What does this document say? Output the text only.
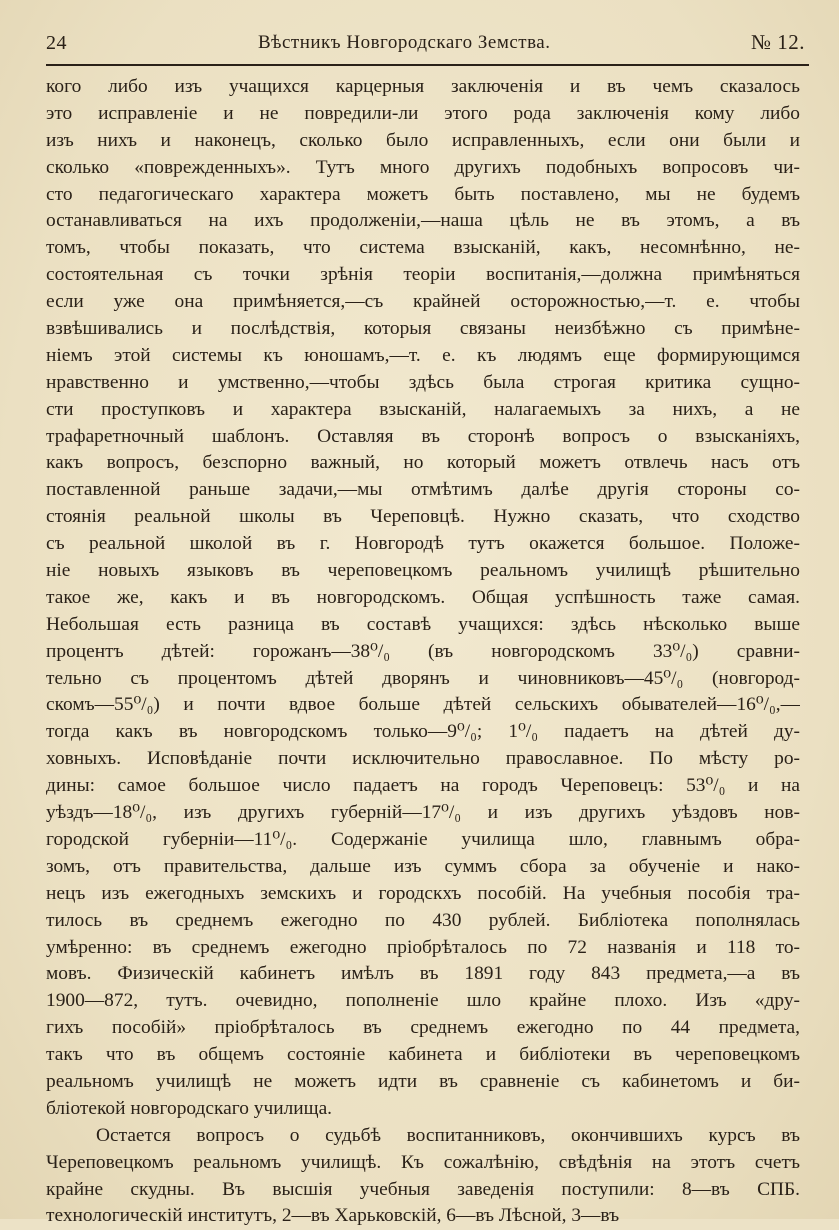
24	Вѣстникъ Новгородскаго Земства.	№ 12.
кого либо изъ учащихся карцерныя заключенія и въ чемъ сказалось
это исправленіе и не повредили-ли этого рода заключенія кому либо
изъ нихъ и наконецъ, сколько было исправленныхъ, если они были и
сколько «поврежденныхъ». Тутъ много другихъ подобныхъ вопросовъ чи-
сто педагогическаго характера можетъ быть поставлено, мы не будемъ
останавливаться на ихъ продолженіи,—наша цѣль не въ этомъ, а въ
томъ, чтобы показать, что система взысканій, какъ, несомнѣнно, не-
состоятельная съ точки зрѣнія теоріи воспитанія,—должна примѣняться
если уже она примѣняется,—съ крайней осторожностью,—т. е. чтобы
взвѣшивались и послѣдствія, которыя связаны неизбѣжно съ примѣне-
ніемъ этой системы къ юношамъ,—т. е. къ людямъ еще формирующимся
нравственно и умственно,—чтобы здѣсь была строгая критика сущно-
сти проступковъ и характера взысканій, налагаемыхъ за нихъ, а не
трафаретночный шаблонъ. Оставляя въ сторонѣ вопросъ о взысканіяхъ,
какъ вопросъ, безспорно важный, но который можетъ отвлечь насъ отъ
поставленной раньше задачи,—мы отмѣтимъ далѣе другія стороны со-
стоянія реальной школы въ Череповцѣ. Нужно сказать, что сходство
съ реальной школой въ г. Новгородѣ тутъ окажется большое. Положе-
ніе новыхъ языковъ въ череповецкомъ реальномъ училищѣ рѣшительно
такое же, какъ и въ новгородскомъ. Общая успѣшность таже самая.
Небольшая есть разница въ составѣ учащихся: здѣсь нѣсколько выше
процентъ дѣтей: горожанъ—38⁰/₀ (въ новгородскомъ 33⁰/₀) сравни-
тельно съ процентомъ дѣтей дворянъ и чиновниковъ—45⁰/₀ (новгород-
скомъ—55⁰/₀) и почти вдвое больше дѣтей сельскихъ обывателей—16⁰/₀,—
тогда какъ въ новгородскомъ только—9⁰/₀; 1⁰/₀ падаетъ на дѣтей ду-
ховныхъ. Исповѣданіе почти исключительно православное. По мѣсту ро-
дины: самое большое число падаетъ на городъ Череповецъ: 53⁰/₀ и на
уѣздъ—18⁰/₀, изъ другихъ губерній—17⁰/₀ и изъ другихъ уѣздовъ нов-
городской губерніи—11⁰/₀. Содержаніе училища шло, главнымъ обра-
зомъ, отъ правительства, дальше изъ суммъ сбора за обученіе и нако-
нецъ изъ ежегодныхъ земскихъ и городскхъ пособій. На учебныя пособія тра-
тилось въ среднемъ ежегодно по 430 рублей. Библіотека пополнялась
умѣренно: въ среднемъ ежегодно пріобрѣталось по 72 названія и 118 то-
мовъ. Физическій кабинетъ имѣлъ въ 1891 году 843 предмета,—а въ
1900—872, тутъ. очевидно, пополненіе шло крайне плохо. Изъ «дру-
гихъ пособій» пріобрѣталось въ среднемъ ежегодно по 44 предмета,
такъ что въ общемъ состояніе кабинета и библіотеки въ череповецкомъ
реальномъ училищѣ не можетъ идти въ сравненіе съ кабинетомъ и би-
бліотекой новгородскаго училища.
Остается вопросъ о судьбѣ воспитанниковъ, окончившихъ курсъ въ
Череповецкомъ реальномъ училищѣ. Къ сожалѣнію, свѣдѣнія на этотъ счетъ
крайне скудны. Въ высшія учебныя заведенія поступили: 8—въ СПБ.
технологическій институтъ, 2—въ Харьковскій, 6—въ Лѣсной, 3—въ
